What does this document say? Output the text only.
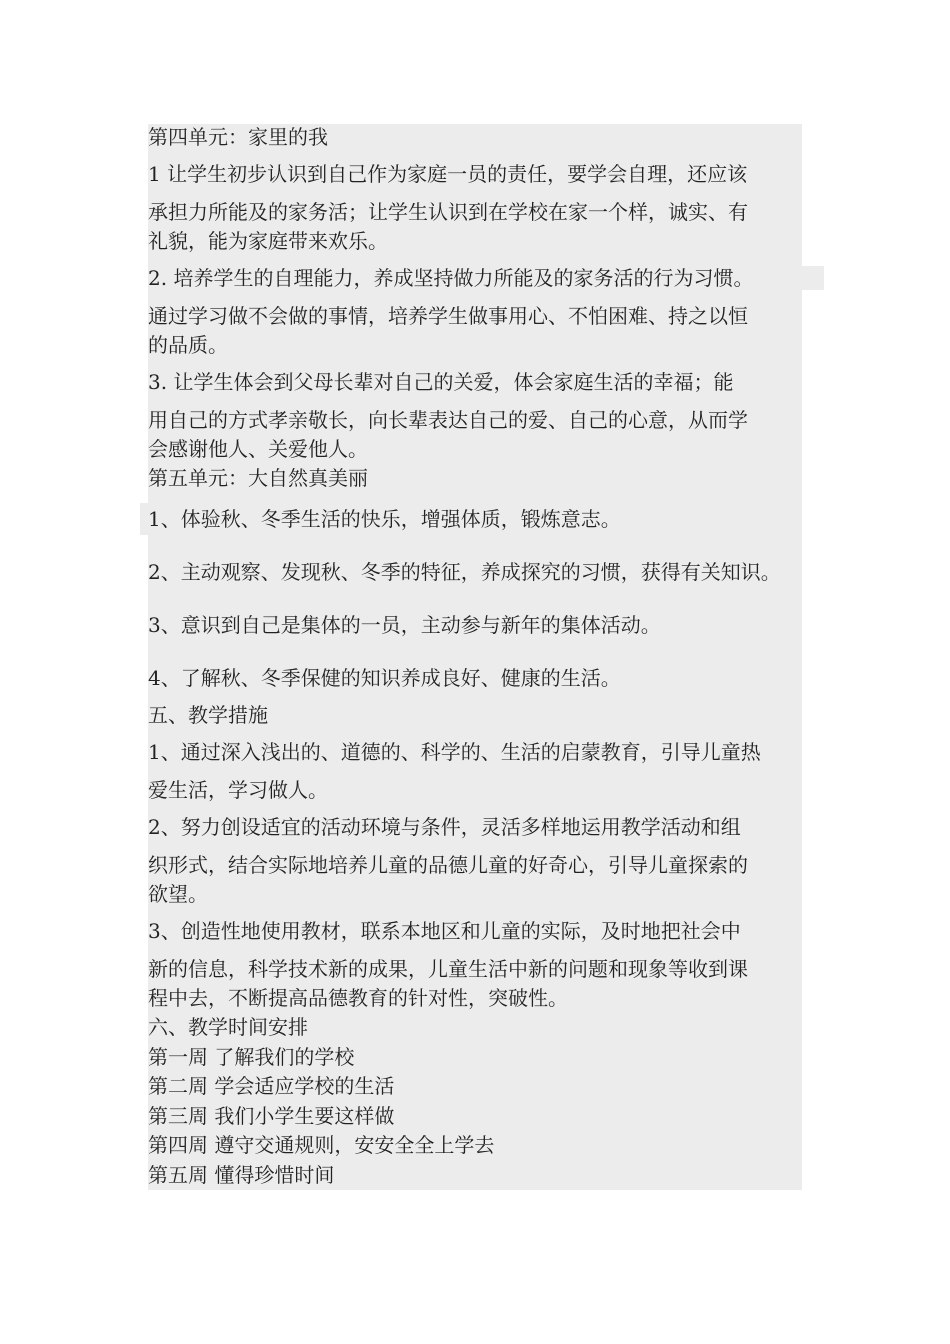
第四单元：家里的我
1 让学生初步认识到自己作为家庭一员的责任，要学会自理，还应该
承担力所能及的家务活；让学生认识到在学校在家一个样，诚实、有
礼貌，能为家庭带来欢乐。
2. 培养学生的自理能力，养成坚持做力所能及的家务活的行为习惯。
通过学习做不会做的事情，培养学生做事用心、不怕困难、持之以恒
的品质。
3. 让学生体会到父母长辈对自己的关爱，体会家庭生活的幸福；能
用自己的方式孝亲敬长，向长辈表达自己的爱、自己的心意，从而学
会感谢他人、关爱他人。
第五单元：大自然真美丽
1、体验秋、冬季生活的快乐，增强体质，锻炼意志。
2、主动观察、发现秋、冬季的特征，养成探究的习惯，获得有关知识。
3、意识到自己是集体的一员，主动参与新年的集体活动。
4、了解秋、冬季保健的知识养成良好、健康的生活。
五、教学措施
1、通过深入浅出的、道德的、科学的、生活的启蒙教育，引导儿童热
爱生活，学习做人。
2、努力创设适宜的活动环境与条件，灵活多样地运用教学活动和组
织形式，结合实际地培养儿童的品德儿童的好奇心，引导儿童探索的
欲望。
3、创造性地使用教材，联系本地区和儿童的实际，及时地把社会中
新的信息，科学技术新的成果，儿童生活中新的问题和现象等收到课
程中去，不断提高品德教育的针对性，突破性。
六、教学时间安排
第一周 了解我们的学校
第二周 学会适应学校的生活
第三周 我们小学生要这样做
第四周 遵守交通规则，安安全全上学去
第五周 懂得珍惜时间
